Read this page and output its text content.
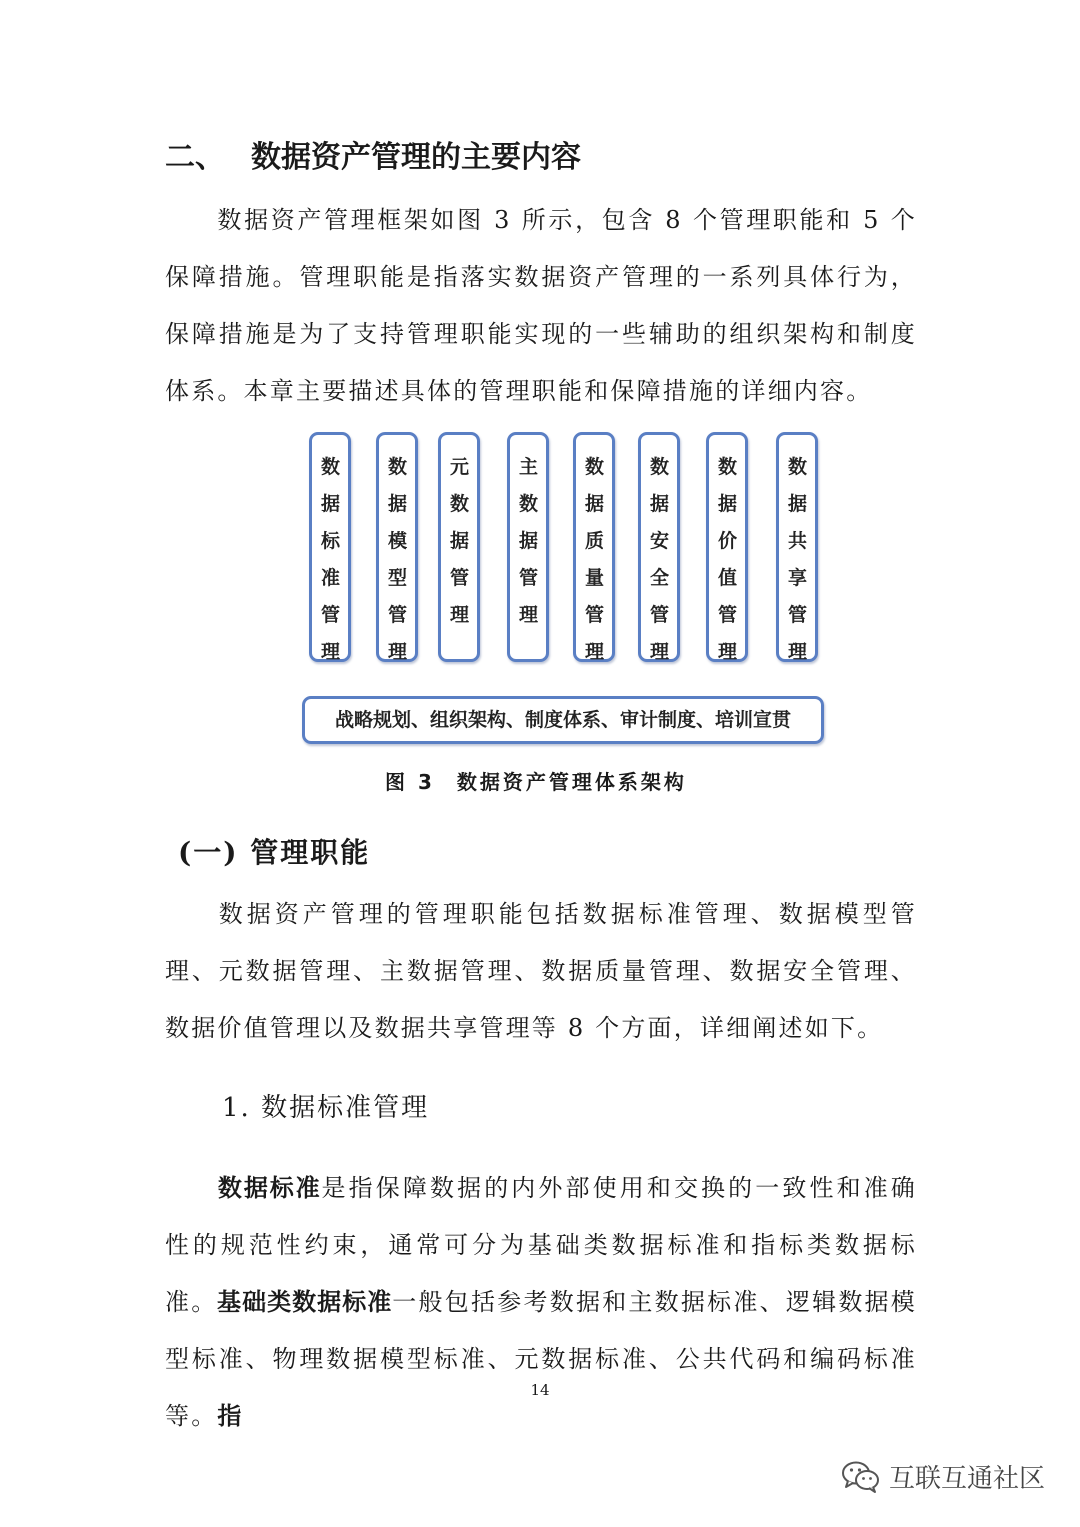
二、 数据资产管理的主要内容
数据资产管理框架如图 3 所示，包含 8 个管理职能和 5 个保障措施。管理职能是指落实数据资产管理的一系列具体行为，保障措施是为了支持管理职能实现的一些辅助的组织架构和制度体系。本章主要描述具体的管理职能和保障措施的详细内容。
数据标准管理
数据模型管理
元数据管理
主数据管理
数据质量管理
数据安全管理
数据价值管理
数据共享管理
战略规划、组织架构、制度体系、审计制度、培训宣贯
图 3 数据资产管理体系架构
(一) 管理职能
数据资产管理的管理职能包括数据标准管理、数据模型管理、元数据管理、主数据管理、数据质量管理、数据安全管理、数据价值管理以及数据共享管理等 8 个方面，详细阐述如下。
1. 数据标准管理
数据标准是指保障数据的内外部使用和交换的一致性和准确性的规范性约束，通常可分为基础类数据标准和指标类数据标准。 基础类数据标准一般包括参考数据和主数据标准、逻辑数据模型标准、物理数据模型标准、元数据标准、公共代码和编码标准等。指
14
互联互通社区
